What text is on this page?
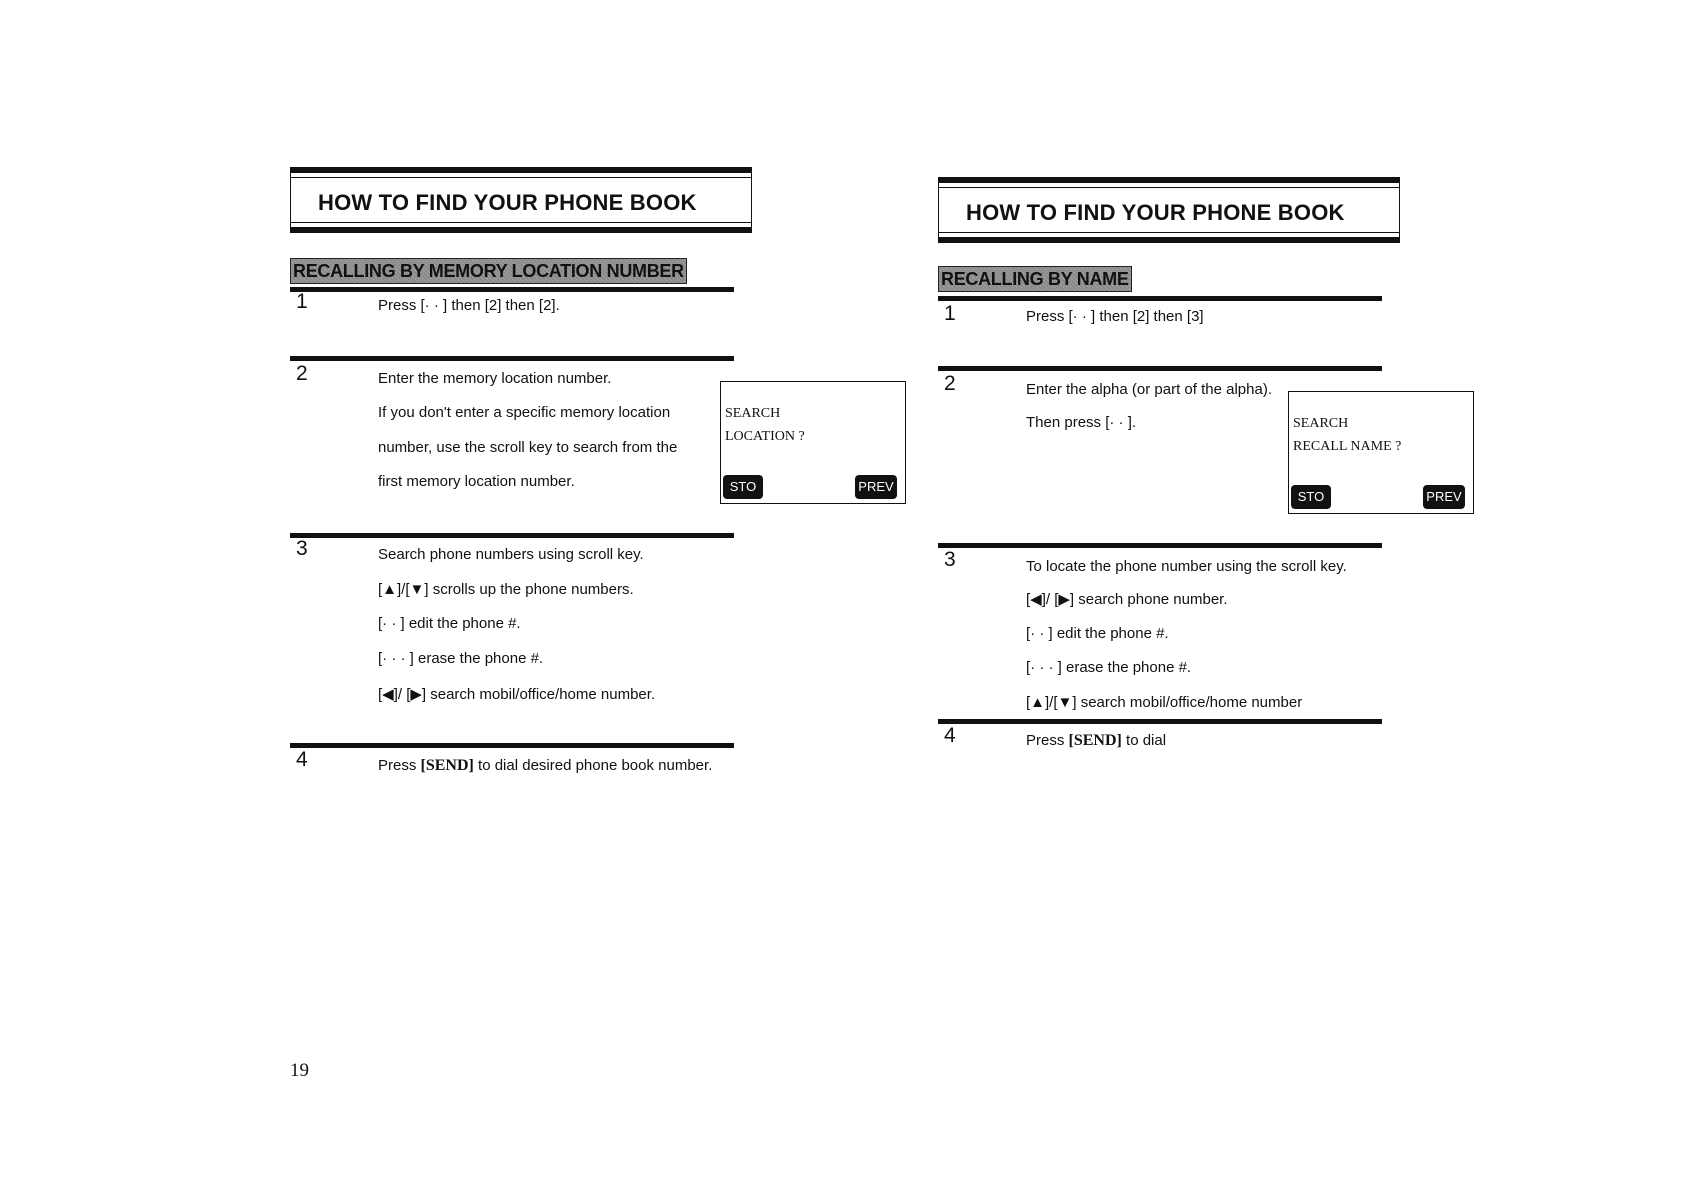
HOW TO FIND YOUR PHONE BOOK
RECALLING BY MEMORY LOCATION NUMBER
1	Press [· · ] then [2] then [2].
2	Enter the memory location number.
If you don't enter a specific memory location
number, use the scroll key to search from the
first memory location number.
SEARCH
LOCATION ?
STO	PREV
3	Search phone numbers using scroll key.
[▲]/[▼] scrolls up the phone numbers.
[· · ] edit the phone #.
[· · · ] erase the phone #.
[◀]/ [▶] search mobil/office/home number.
4	Press [SEND] to dial desired phone book number.
HOW TO FIND YOUR PHONE BOOK
RECALLING BY NAME
1	Press [· · ] then [2] then [3]
2	Enter the alpha (or part of the alpha).
Then press [· · ].	SEARCH
RECALL NAME ?
STO	PREV
3	To locate the phone number using the scroll key.
[◀]/ [▶] search phone number.
[· · ] edit the phone #.
[· · · ] erase the phone #.
[▲]/[▼] search mobil/office/home number
4	Press [SEND] to dial
19
